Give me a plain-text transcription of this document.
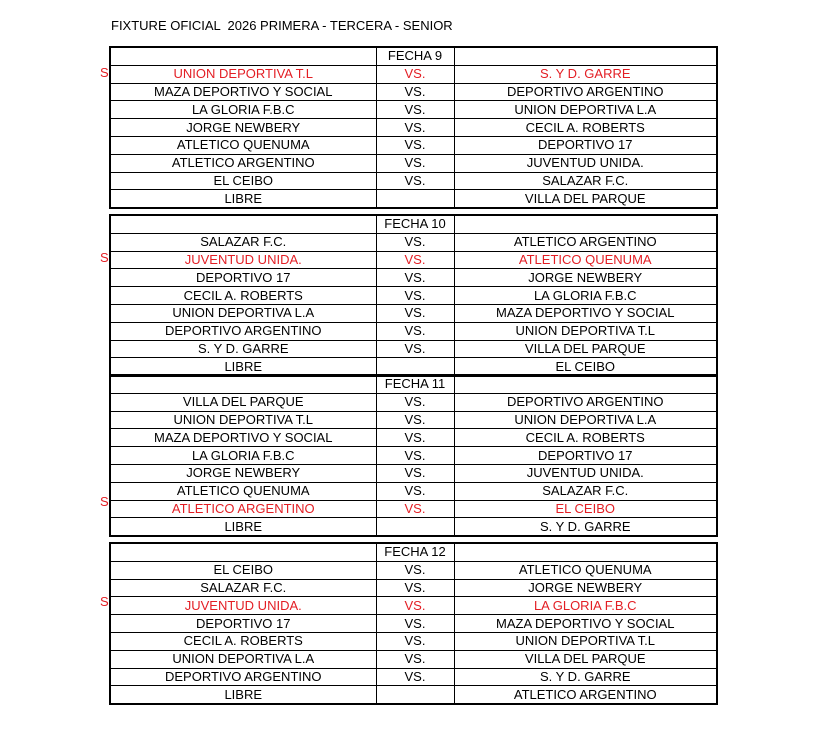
FIXTURE OFICIAL  2026 PRIMERA - TERCERA - SENIOR
S
	FECHA 9	
UNION DEPORTIVA T.L	VS.	S. Y D. GARRE
MAZA DEPORTIVO Y SOCIAL	VS.	DEPORTIVO ARGENTINO
LA GLORIA F.B.C	VS.	UNION DEPORTIVA L.A
JORGE NEWBERY	VS.	CECIL A. ROBERTS
ATLETICO QUENUMA	VS.	DEPORTIVO 17
ATLETICO ARGENTINO	VS.	JUVENTUD UNIDA.
EL CEIBO	VS.	SALAZAR F.C.
LIBRE		VILLA DEL PARQUE
S
	FECHA 10	
SALAZAR F.C.	VS.	ATLETICO ARGENTINO
JUVENTUD UNIDA.	VS.	ATLETICO QUENUMA
DEPORTIVO 17	VS.	JORGE NEWBERY
CECIL A. ROBERTS	VS.	LA GLORIA F.B.C
UNION DEPORTIVA L.A	VS.	MAZA DEPORTIVO Y SOCIAL
DEPORTIVO ARGENTINO	VS.	UNION DEPORTIVA T.L
S. Y D. GARRE	VS.	VILLA DEL PARQUE
LIBRE		EL CEIBO
S
	FECHA 11	
VILLA DEL PARQUE	VS.	DEPORTIVO ARGENTINO
UNION DEPORTIVA T.L	VS.	UNION DEPORTIVA L.A
MAZA DEPORTIVO Y SOCIAL	VS.	CECIL A. ROBERTS
LA GLORIA F.B.C	VS.	DEPORTIVO 17
JORGE NEWBERY	VS.	JUVENTUD UNIDA.
ATLETICO QUENUMA	VS.	SALAZAR F.C.
ATLETICO ARGENTINO	VS.	EL CEIBO
LIBRE		S. Y D. GARRE
S
	FECHA 12	
EL CEIBO	VS.	ATLETICO QUENUMA
SALAZAR F.C.	VS.	JORGE NEWBERY
JUVENTUD UNIDA.	VS.	LA GLORIA F.B.C
DEPORTIVO 17	VS.	MAZA DEPORTIVO Y SOCIAL
CECIL A. ROBERTS	VS.	UNION DEPORTIVA T.L
UNION DEPORTIVA L.A	VS.	VILLA DEL PARQUE
DEPORTIVO ARGENTINO	VS.	S. Y D. GARRE
LIBRE		ATLETICO ARGENTINO
